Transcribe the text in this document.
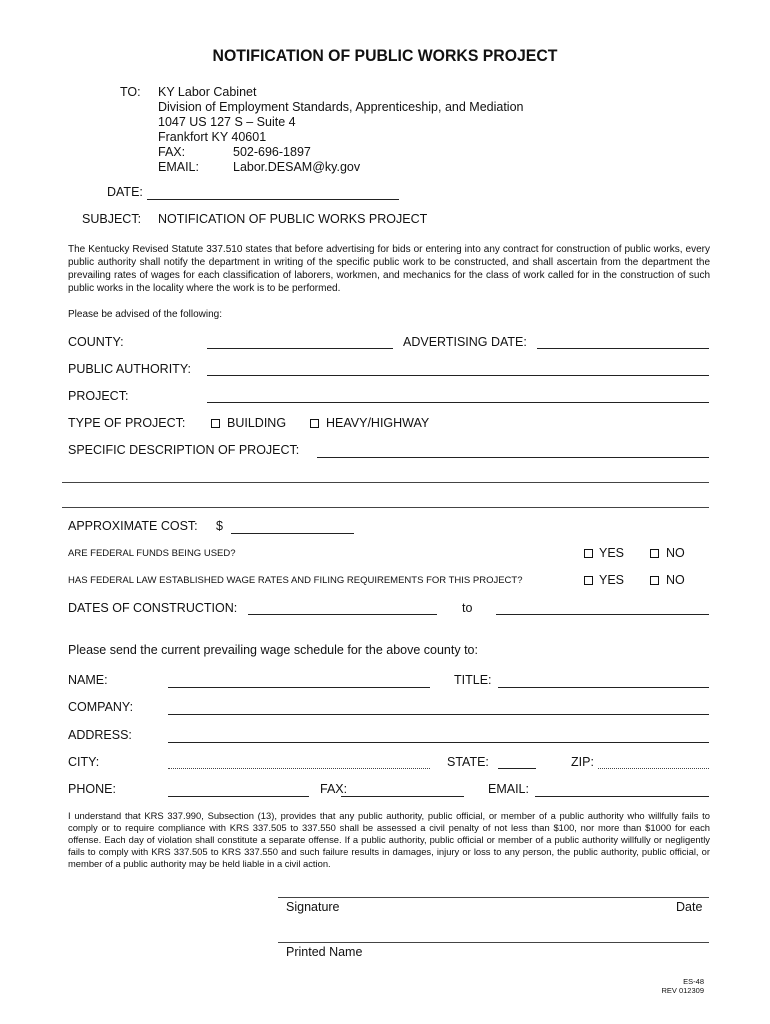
NOTIFICATION OF PUBLIC WORKS PROJECT
TO: KY Labor Cabinet
Division of Employment Standards, Apprenticeship, and Mediation
1047 US 127 S – Suite 4
Frankfort KY 40601
FAX:	502-696-1897
EMAIL:	Labor.DESAM@ky.gov
DATE:
SUBJECT: NOTIFICATION OF PUBLIC WORKS PROJECT
The Kentucky Revised Statute 337.510 states that before advertising for bids or entering into any contract for construction of public works, every public authority shall notify the department in writing of the specific public work to be constructed, and shall ascertain from the department the prevailing rates of wages for each classification of laborers, workmen, and mechanics for the class of work called for in the construction of such public works in the locality where the work is to be performed.
Please be advised of the following:
COUNTY:	ADVERTISING DATE:
PUBLIC AUTHORITY:
PROJECT:
TYPE OF PROJECT:	BUILDING	HEAVY/HIGHWAY
SPECIFIC DESCRIPTION OF PROJECT:
APPROXIMATE COST: $
ARE FEDERAL FUNDS BEING USED?	YES	NO
HAS FEDERAL LAW ESTABLISHED WAGE RATES AND FILING REQUIREMENTS FOR THIS PROJECT?	YES	NO
DATES OF CONSTRUCTION:	to
Please send the current prevailing wage schedule for the above county to:
NAME:	TITLE:
COMPANY:
ADDRESS:
CITY:	STATE:	ZIP:
PHONE:	FAX:	EMAIL:
I understand that KRS 337.990, Subsection (13), provides that any public authority, public official, or member of a public authority who willfully fails to comply or to require compliance with KRS 337.505 to 337.550 shall be assessed a civil penalty of not less than $100, nor more than $1000 for each offense. Each day of violation shall constitute a separate offense. If a public authority, public official or member of a public authority willfully or negligently fails to comply with KRS 337.505 to KRS 337.550 and such failure results in damages, injury or loss to any person, the public authority, public official, or member of a public authority may be held liable in a civil action.
Signature	Date
Printed Name
ES-48
REV 012309
